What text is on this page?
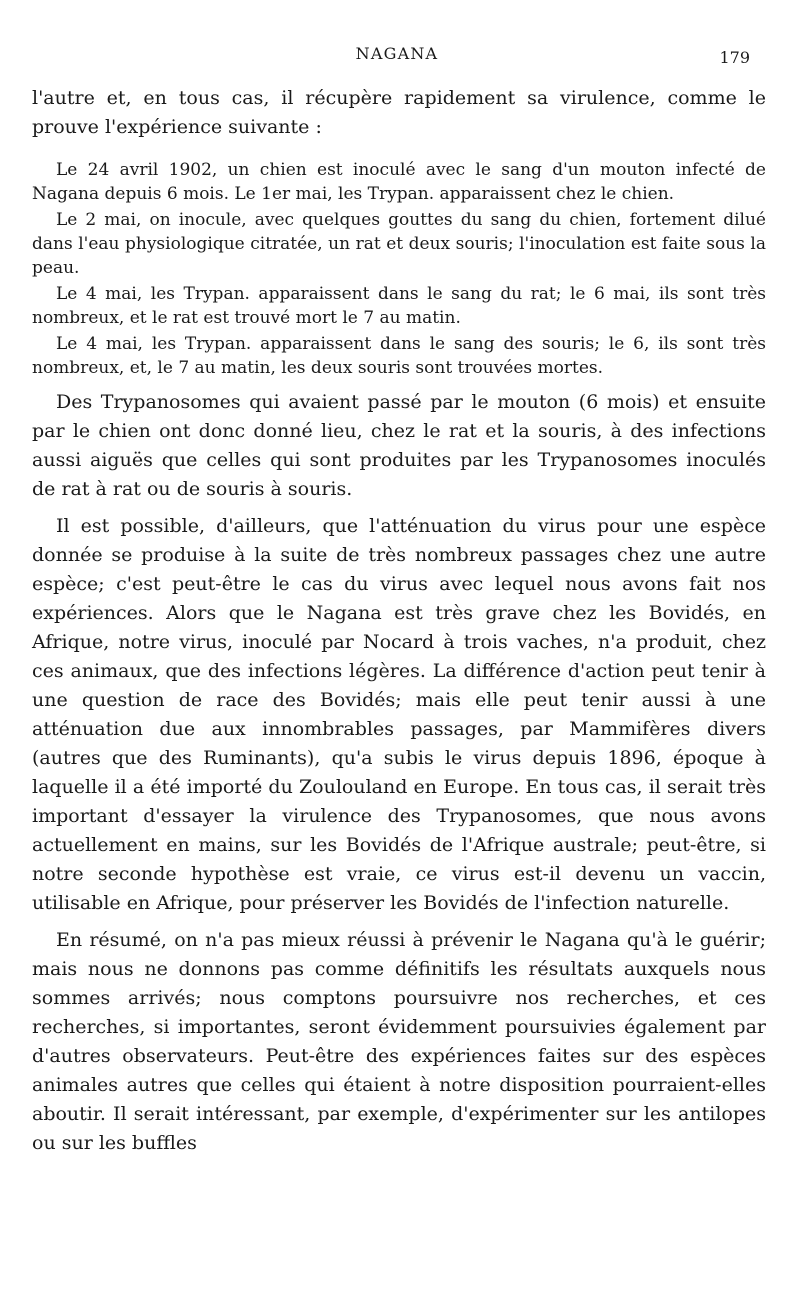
NAGANA	179

l'autre et, en tous cas, il récupère rapidement sa virulence, comme le prouve l'expérience suivante :

Le 24 avril 1902, un chien est inoculé avec le sang d'un mouton infecté de Nagana depuis 6 mois. Le 1er mai, les Trypan. apparaissent chez le chien.

Le 2 mai, on inocule, avec quelques gouttes du sang du chien, fortement dilué dans l'eau physiologique citratée, un rat et deux souris; l'inoculation est faite sous la peau.

Le 4 mai, les Trypan. apparaissent dans le sang du rat; le 6 mai, ils sont très nombreux, et le rat est trouvé mort le 7 au matin.

Le 4 mai, les Trypan. apparaissent dans le sang des souris; le 6, ils sont très nombreux, et, le 7 au matin, les deux souris sont trouvées mortes.

Des Trypanosomes qui avaient passé par le mouton (6 mois) et ensuite par le chien ont donc donné lieu, chez le rat et la souris, à des infections aussi aiguës que celles qui sont produites par les Trypanosomes inoculés de rat à rat ou de souris à souris.

Il est possible, d'ailleurs, que l'atténuation du virus pour une espèce donnée se produise à la suite de très nombreux passages chez une autre espèce; c'est peut-être le cas du virus avec lequel nous avons fait nos expériences. Alors que le Nagana est très grave chez les Bovidés, en Afrique, notre virus, inoculé par Nocard à trois vaches, n'a produit, chez ces animaux, que des infections légères. La différence d'action peut tenir à une question de race des Bovidés; mais elle peut tenir aussi à une atténuation due aux innombrables passages, par Mammifères divers (autres que des Ruminants), qu'a subis le virus depuis 1896, époque à laquelle il a été importé du Zoulouland en Europe. En tous cas, il serait très important d'essayer la virulence des Trypanosomes, que nous avons actuellement en mains, sur les Bovidés de l'Afrique australe; peut-être, si notre seconde hypothèse est vraie, ce virus est-il devenu un vaccin, utilisable en Afrique, pour préserver les Bovidés de l'infection naturelle.

En résumé, on n'a pas mieux réussi à prévenir le Nagana qu'à le guérir; mais nous ne donnons pas comme définitifs les résultats auxquels nous sommes arrivés; nous comptons poursuivre nos recherches, et ces recherches, si importantes, seront évidemment poursuivies également par d'autres observateurs. Peut-être des expériences faites sur des espèces animales autres que celles qui étaient à notre disposition pourraient-elles aboutir. Il serait intéressant, par exemple, d'expérimenter sur les antilopes ou sur les buffles
